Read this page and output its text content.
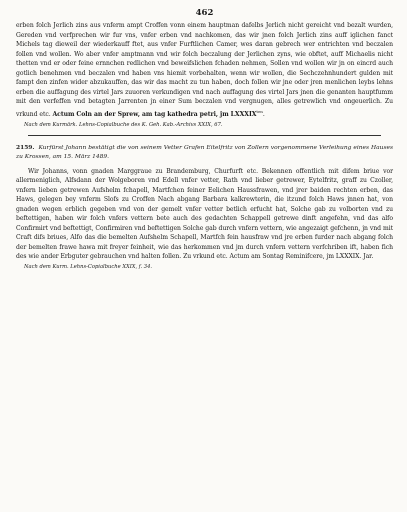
462

erben folch Jerlich zins aus vnferm ampt Croffen vonn einem hauptman dafelbs Jerlich nicht gereicht vnd bezalt wurden, Gereden vnd verfprechen wir fur vns, vnfer erben vnd nachkomen, das wir jnen folch Jerlich zins auff iglichen fanct Michels tag dieweil der wiederkauff ftet, aus vnfer Furftlichen Camer, wes daran gebrech wer entrichten vnd beczalen follen vnd wollen. Wo aber vnfer amptmann vnd wir folch beczalung der Jerlichen zyns, wie obftet, auff Michaelis nicht thetten vnd er oder feine ernnchen redlichen vnd beweifslichen fchaden nehmen, Sollen vnd wollen wir jn on eincrd auch gotlich benehmen vnd beczalen vnd haben vns hiemit vorbehalten, wenn wir wollen, die Sechczehnhundert gulden mit fampt den zinfen wider abzukauffen, das wir das macht zu tun haben, doch follen wir jne oder jren menlichen leybs lehns erben die auffagung des virtel Jars zuuoren verkundigen vnd nach auffagung des virtel Jars jnen die genanten hauptfumm mit den verfeffen vnd betagten Jarrenten jn einer Sum beczalen vnd vergnugen, alles getrewlich vnd ongeuerlich. Zu vrkund etc. Actum Coln an der Sprew, am tag kathedra petri, jm $LXXXIX^{ten}$.

Nach dem Kurmärk. Lehns-Copialbuche des K. Geh. Kab.-Archivs XXIX, 67.

2159. Kurfürst Johann bestätigt die von seinem Vetter Grafen Eitelfritz von Zollern vorgenommene Verleihung eines Hauses zu Krossen, am 15. März 1489.

Wir Johanns, vonn gnaden Marggraue zu Brandemburg, Churfurft etc. Bekennen offentlich mit difem briue vor allermeniglich, Alfsdann der Wolgeboren vnd Edell vnfer vetter, Rath vnd lieber getrewer, Eytelfritz, graff zu Czoller, vnfern lieben getrewen Aufshelm fchapell, Martfchen feiner Eelichen Haussfrawen, vnd jrer baiden rechten erben, das Haws, gelegen bey vnferm Slofs zu Croffen Nach abgang Barbara kalkrewterin, die itzund folch Haws jnnen hat, von gnaden wegen erblich gegeben vnd von der gemelt vnfer vetter betlich erfucht hat, Solche gab zu volborten vnd zu beftettigen, haben wir folch vnfers vettern bete auch des gedachten Schappell getrewe dinft angefehn, vnd das alfo Confirmirt vnd beftettigt, Confirmiren vnd beftettigen Solche gab durch vnfern vettern, wie angezaigt gefchenn, jn vnd mit Craft difs briues, Alfo das die bemelten Aufshelm Schapell, Martfch fein hausfraw vnd jre erben furder nach abgang folch der bemelten frawe hawa mit freyer feinheit, wie das herkommen vnd jm durch vnfern vettern verfchriben ift, haben fich des wie ander Erbguter gebrauchen vnd halten follen. Zu vrkund etc. Actum am Sontag Reminifcere, jm LXXXIX. Jar.

Nach dem Kurm. Lehns-Copialbuche XXIX, f. 34.
